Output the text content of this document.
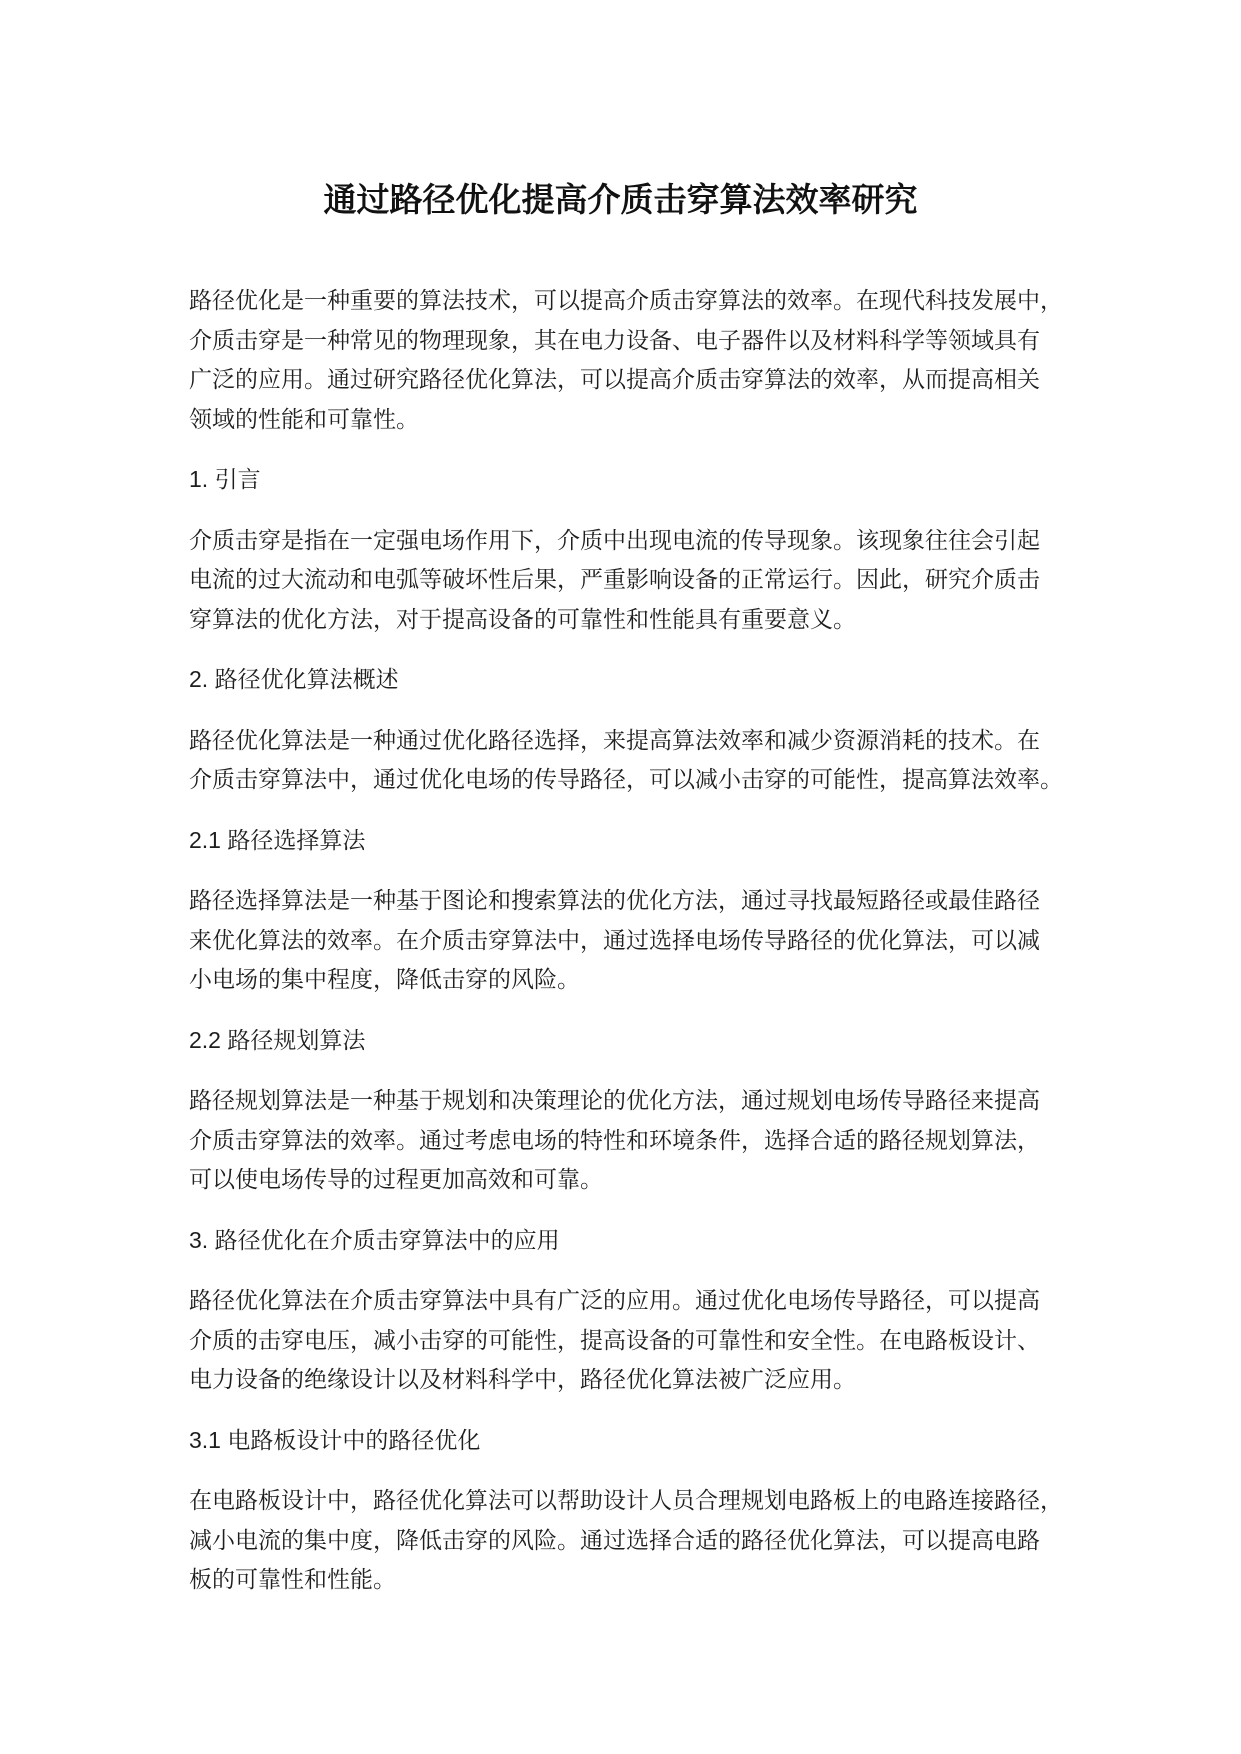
通过路径优化提高介质击穿算法效率研究

路径优化是一种重要的算法技术，可以提高介质击穿算法的效率。在现代科技发展中，
介质击穿是一种常见的物理现象，其在电力设备、电子器件以及材料科学等领域具有
广泛的应用。通过研究路径优化算法，可以提高介质击穿算法的效率，从而提高相关
领域的性能和可靠性。

1. 引言

介质击穿是指在一定强电场作用下，介质中出现电流的传导现象。该现象往往会引起
电流的过大流动和电弧等破坏性后果，严重影响设备的正常运行。因此，研究介质击
穿算法的优化方法，对于提高设备的可靠性和性能具有重要意义。

2. 路径优化算法概述

路径优化算法是一种通过优化路径选择，来提高算法效率和减少资源消耗的技术。在
介质击穿算法中，通过优化电场的传导路径，可以减小击穿的可能性，提高算法效率。

2.1 路径选择算法

路径选择算法是一种基于图论和搜索算法的优化方法，通过寻找最短路径或最佳路径
来优化算法的效率。在介质击穿算法中，通过选择电场传导路径的优化算法，可以减
小电场的集中程度，降低击穿的风险。

2.2 路径规划算法

路径规划算法是一种基于规划和决策理论的优化方法，通过规划电场传导路径来提高
介质击穿算法的效率。通过考虑电场的特性和环境条件，选择合适的路径规划算法，
可以使电场传导的过程更加高效和可靠。

3. 路径优化在介质击穿算法中的应用

路径优化算法在介质击穿算法中具有广泛的应用。通过优化电场传导路径，可以提高
介质的击穿电压，减小击穿的可能性，提高设备的可靠性和安全性。在电路板设计、
电力设备的绝缘设计以及材料科学中，路径优化算法被广泛应用。

3.1 电路板设计中的路径优化

在电路板设计中，路径优化算法可以帮助设计人员合理规划电路板上的电路连接路径，
减小电流的集中度，降低击穿的风险。通过选择合适的路径优化算法，可以提高电路
板的可靠性和性能。
